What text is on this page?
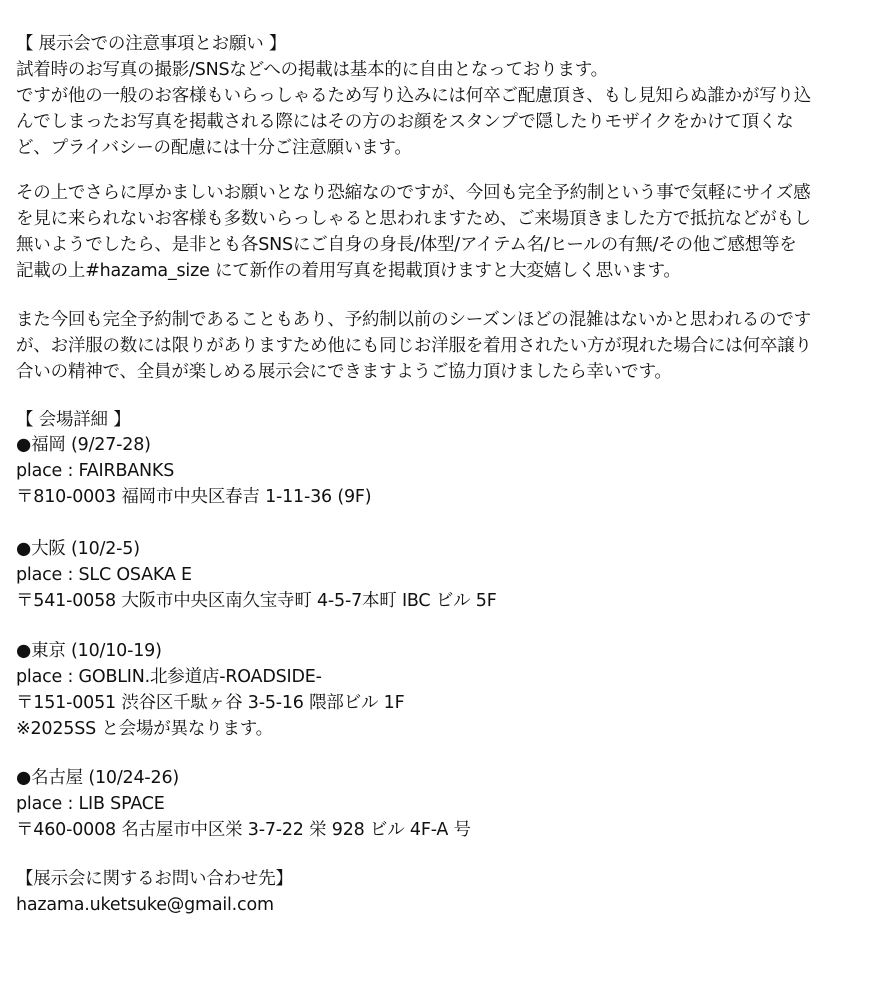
【 展示会での注意事項とお願い 】
試着時のお写真の撮影/SNSなどへの掲載は基本的に自由となっております。
ですが他の一般のお客様もいらっしゃるため写り込みには何卒ご配慮頂き、もし見知らぬ誰かが写り込
んでしまったお写真を掲載される際にはその方のお顔をスタンプで隠したりモザイクをかけて頂くな
ど、プライバシーの配慮には十分ご注意願います。
その上でさらに厚かましいお願いとなり恐縮なのですが、今回も完全予約制という事で気軽にサイズ感
を見に来られないお客様も多数いらっしゃると思われますため、ご来場頂きました方で抵抗などがもし
無いようでしたら、是非とも各SNSにご自身の身長/体型/アイテム名/ヒールの有無/その他ご感想等を
記載の上#hazama_size にて新作の着用写真を掲載頂けますと大変嬉しく思います。
また今回も完全予約制であることもあり、予約制以前のシーズンほどの混雑はないかと思われるのです
が、お洋服の数には限りがありますため他にも同じお洋服を着用されたい方が現れた場合には何卒譲り
合いの精神で、全員が楽しめる展示会にできますようご協力頂けましたら幸いです。
【 会場詳細 】
●福岡 (9/27-28)
place : FAIRBANKS
〒810-0003 福岡市中央区春吉 1-11-36 (9F)
●大阪 (10/2-5)
place : SLC OSAKA E
〒541-0058 大阪市中央区南久宝寺町 4-5-7本町 IBC ビル 5F
●東京 (10/10-19)
place : GOBLIN.北参道店-ROADSIDE-
〒151-0051 渋谷区千駄ヶ谷 3-5-16 隈部ビル 1F
※2025SS と会場が異なります。
●名古屋 (10/24-26)
place : LIB SPACE
〒460-0008 名古屋市中区栄 3-7-22 栄 928 ビル 4F-A 号
【展示会に関するお問い合わせ先】
hazama.uketsuke@gmail.com
